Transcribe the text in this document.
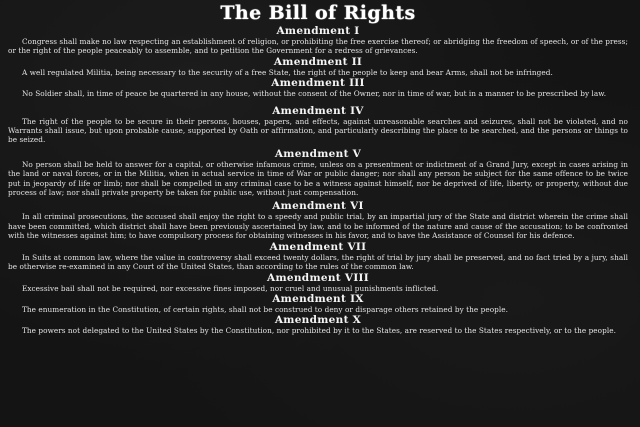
The Bill of Rights
Amendment I

Congress shall make no law respecting an establishment of religion, or prohibiting the free exercise thereof; or abridging the freedom of speech, or of the press; or the right of the people peaceably to assemble, and to petition the Government for a redress of grievances.

Amendment II

A well regulated Militia, being necessary to the security of a free State, the right of the people to keep and bear Arms, shall not be infringed.

Amendment III

No Soldier shall, in time of peace be quartered in any house, without the consent of the Owner, nor in time of war, but in a manner to be prescribed by law.

Amendment IV

The right of the people to be secure in their persons, houses, papers, and effects, against unreasonable searches and seizures, shall not be violated, and no Warrants shall issue, but upon probable cause, supported by Oath or affirmation, and particularly describing the place to be searched, and the persons or things to be seized.

Amendment V

No person shall be held to answer for a capital, or otherwise infamous crime, unless on a presentment or indictment of a Grand Jury, except in cases arising in the land or naval forces, or in the Militia, when in actual service in time of War or public danger; nor shall any person be subject for the same offence to be twice put in jeopardy of life or limb; nor shall be compelled in any criminal case to be a witness against himself, nor be deprived of life, liberty, or property, without due process of law; nor shall private property be taken for public use, without just compensation.

Amendment VI

In all criminal prosecutions, the accused shall enjoy the right to a speedy and public trial, by an impartial jury of the State and district wherein the crime shall have been committed, which district shall have been previously ascertained by law, and to be informed of the nature and cause of the accusation; to be confronted with the witnesses against him; to have compulsory process for obtaining witnesses in his favor, and to have the Assistance of Counsel for his defence.

Amendment VII

In Suits at common law, where the value in controversy shall exceed twenty dollars, the right of trial by jury shall be preserved, and no fact tried by a jury, shall be otherwise re-examined in any Court of the United States, than according to the rules of the common law.

Amendment VIII

Excessive bail shall not be required, nor excessive fines imposed, nor cruel and unusual punishments inflicted.

Amendment IX

The enumeration in the Constitution, of certain rights, shall not be construed to deny or disparage others retained by the people.

Amendment X

The powers not delegated to the United States by the Constitution, nor prohibited by it to the States, are reserved to the States respectively, or to the people.
